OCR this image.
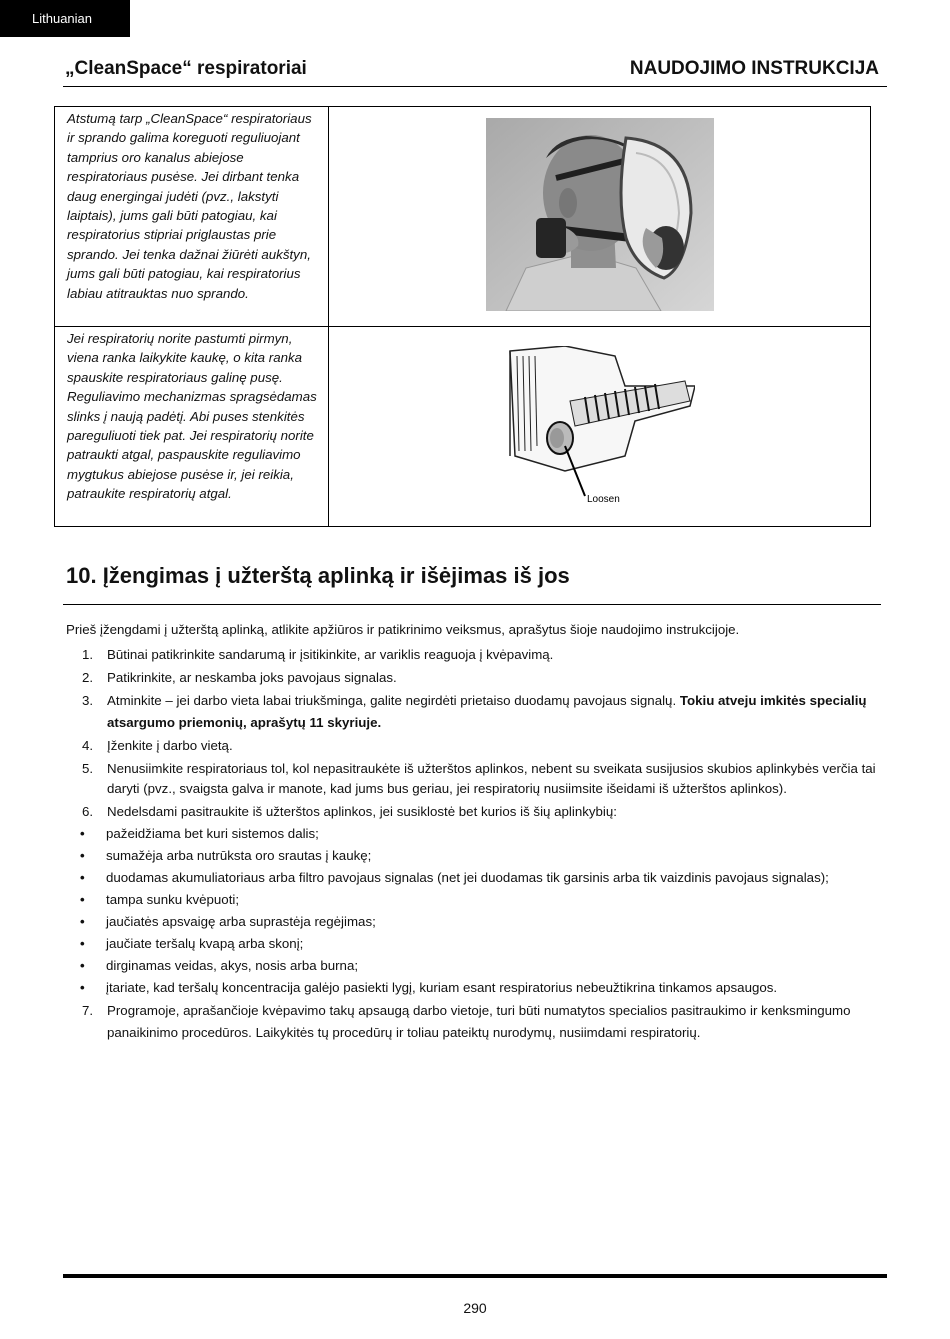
Lithuanian
„CleanSpace“ respiratoriai	NAUDOJIMO INSTRUKCIJA
Atstumą tarp „CleanSpace“ respiratoriaus ir sprando galima koreguoti reguliuojant tamprius oro kanalus abiejose respiratoriaus pusėse. Jei dirbant tenka daug energingai judėti (pvz., lakstyti laiptais), jums gali būti patogiau, kai respiratorius stipriai priglaustas prie sprando. Jei tenka dažnai žiūrėti aukštyn, jums gali būti patogiau, kai respiratorius labiau atitrauktas nuo sprando.	
Jei respiratorių norite pastumti pirmyn, viena ranka laikykite kaukę, o kita ranka spauskite respiratoriaus galinę pusę. Reguliavimo mechanizmas spragsėdamas slinks į naują padėtį. Abi puses stenkitės pareguliuoti tiek pat. Jei respiratorių norite patraukti atgal, paspauskite reguliavimo mygtukus abiejose pusėse ir, jei reikia, patraukite respiratorių atgal.	Loosen
10. Įžengimas į užterštą aplinką ir išėjimas iš jos

Prieš įžengdami į užterštą aplinką, atlikite apžiūros ir patikrinimo veiksmus, aprašytus šioje naudojimo instrukcijoje.

1. Būtinai patikrinkite sandarumą ir įsitikinkite, ar variklis reaguoja į kvėpavimą.
2. Patikrinkite, ar neskamba joks pavojaus signalas.
3. Atminkite – jei darbo vieta labai triukšminga, galite negirdėti prietaiso duodamų pavojaus signalų. Tokiu atveju imkitės specialių atsargumo priemonių, aprašytų 11 skyriuje.
4. Įženkite į darbo vietą.
5. Nenusiimkite respiratoriaus tol, kol nepasitraukėte iš užterštos aplinkos, nebent su sveikata susijusios skubios aplinkybės verčia tai daryti (pvz., svaigsta galva ir manote, kad jums bus geriau, jei respiratorių nusiimsite išeidami iš užterštos aplinkos).
6. Nedelsdami pasitraukite iš užterštos aplinkos, jei susiklostė bet kurios iš šių aplinkybių:
• pažeidžiama bet kuri sistemos dalis;
• sumažėja arba nutrūksta oro srautas į kaukę;
• duodamas akumuliatoriaus arba filtro pavojaus signalas (net jei duodamas tik garsinis arba tik vaizdinis pavojaus signalas);
• tampa sunku kvėpuoti;
• jaučiatės apsvaigę arba suprastėja regėjimas;
• jaučiate teršalų kvapą arba skonį;
• dirginamas veidas, akys, nosis arba burna;
• įtariate, kad teršalų koncentracija galėjo pasiekti lygį, kuriam esant respiratorius nebeužtikrina tinkamos apsaugos.
7. Programoje, aprašančioje kvėpavimo takų apsaugą darbo vietoje, turi būti numatytos specialios pasitraukimo ir kenksmingumo panaikinimo procedūros. Laikykitės tų procedūrų ir toliau pateiktų nurodymų, nusiimdami respiratorių.
290
